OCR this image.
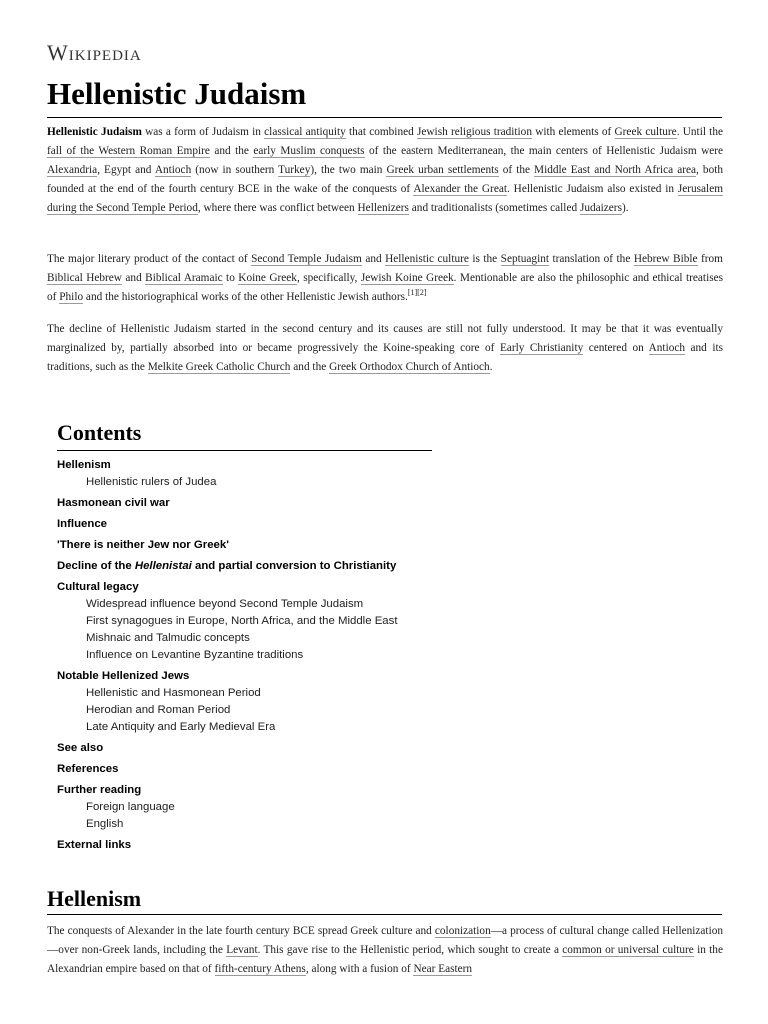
Wikipedia
Hellenistic Judaism

Hellenistic Judaism was a form of Judaism in classical antiquity that combined Jewish religious tradition with elements of Greek culture. Until the fall of the Western Roman Empire and the early Muslim conquests of the eastern Mediterranean, the main centers of Hellenistic Judaism were Alexandria, Egypt and Antioch (now in southern Turkey), the two main Greek urban settlements of the Middle East and North Africa area, both founded at the end of the fourth century BCE in the wake of the conquests of Alexander the Great. Hellenistic Judaism also existed in Jerusalem during the Second Temple Period, where there was conflict between Hellenizers and traditionalists (sometimes called Judaizers).

The major literary product of the contact of Second Temple Judaism and Hellenistic culture is the Septuagint translation of the Hebrew Bible from Biblical Hebrew and Biblical Aramaic to Koine Greek, specifically, Jewish Koine Greek. Mentionable are also the philosophic and ethical treatises of Philo and the historiographical works of the other Hellenistic Jewish authors.[1][2]

The decline of Hellenistic Judaism started in the second century and its causes are still not fully understood. It may be that it was eventually marginalized by, partially absorbed into or became progressively the Koine-speaking core of Early Christianity centered on Antioch and its traditions, such as the Melkite Greek Catholic Church and the Greek Orthodox Church of Antioch.

Contents
Hellenism
Hellenistic rulers of Judea
Hasmonean civil war
Influence
'There is neither Jew nor Greek'
Decline of the Hellenistai and partial conversion to Christianity
Cultural legacy
Widespread influence beyond Second Temple Judaism
First synagogues in Europe, North Africa, and the Middle East
Mishnaic and Talmudic concepts
Influence on Levantine Byzantine traditions
Notable Hellenized Jews
Hellenistic and Hasmonean Period
Herodian and Roman Period
Late Antiquity and Early Medieval Era
See also
References
Further reading
Foreign language
English
External links
Hellenism

The conquests of Alexander in the late fourth century BCE spread Greek culture and colonization—a process of cultural change called Hellenization—over non-Greek lands, including the Levant. This gave rise to the Hellenistic period, which sought to create a common or universal culture in the Alexandrian empire based on that of fifth-century Athens, along with a fusion of Near Eastern
